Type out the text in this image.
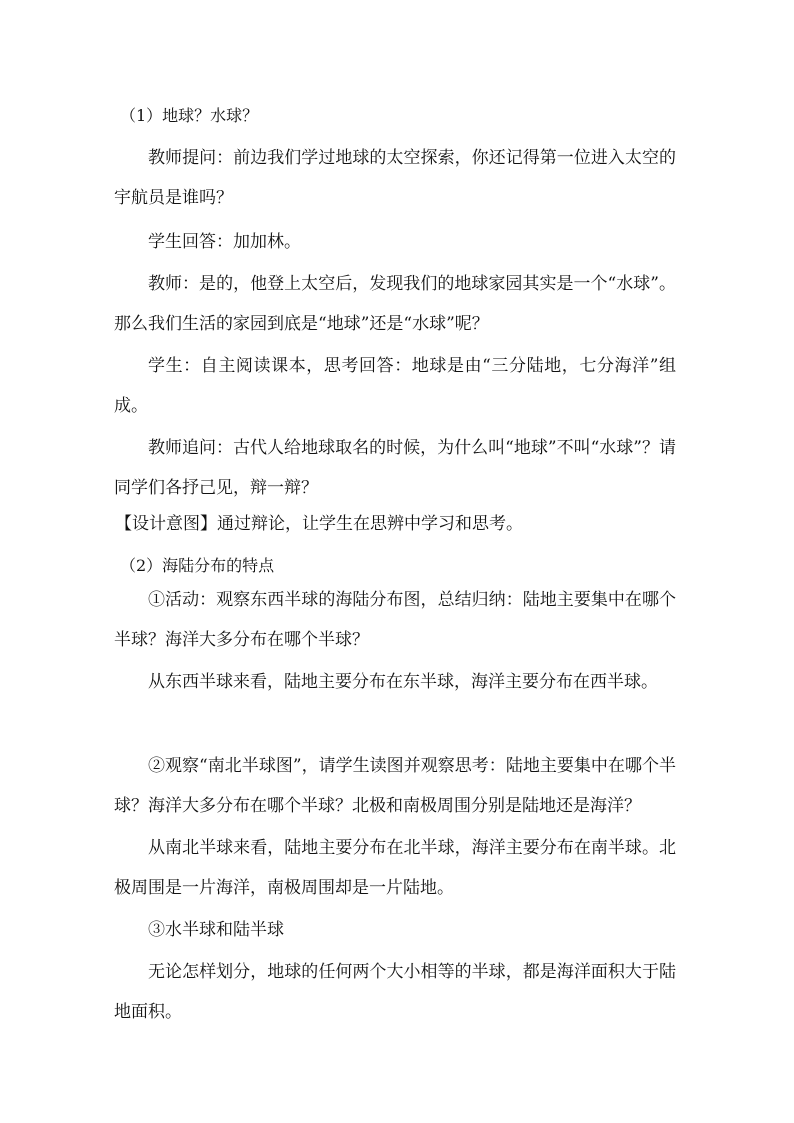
（1）地球？水球？
教师提问：前边我们学过地球的太空探索，你还记得第一位进入太空的宇航员是谁吗？
学生回答：加加林。
教师：是的，他登上太空后，发现我们的地球家园其实是一个“水球”。那么我们生活的家园到底是“地球”还是“水球”呢？
学生：自主阅读课本，思考回答：地球是由“三分陆地，七分海洋”组成。
教师追问：古代人给地球取名的时候，为什么叫“地球”不叫“水球”？请同学们各抒己见，辩一辩？
【设计意图】通过辩论，让学生在思辨中学习和思考。
（2）海陆分布的特点
①活动：观察东西半球的海陆分布图，总结归纳：陆地主要集中在哪个半球？海洋大多分布在哪个半球？
从东西半球来看，陆地主要分布在东半球，海洋主要分布在西半球。
②观察“南北半球图”，请学生读图并观察思考：陆地主要集中在哪个半球？海洋大多分布在哪个半球？北极和南极周围分别是陆地还是海洋？
从南北半球来看，陆地主要分布在北半球，海洋主要分布在南半球。北极周围是一片海洋，南极周围却是一片陆地。
③水半球和陆半球
无论怎样划分，地球的任何两个大小相等的半球，都是海洋面积大于陆地面积。
